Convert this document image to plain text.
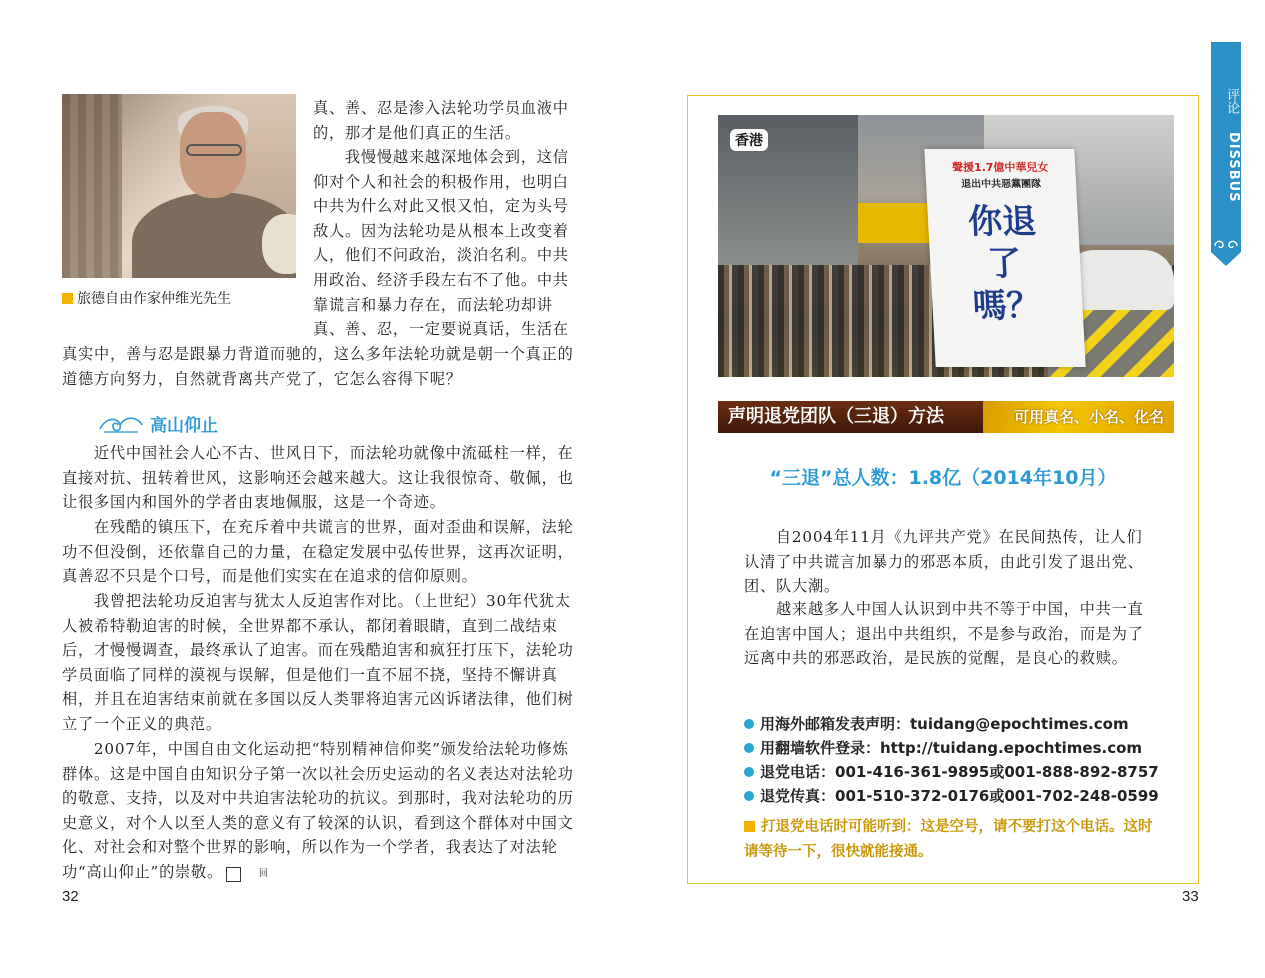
旅德自由作家仲维光先生

真、善、忍是渗入法轮功学员血液中的，那才是他们真正的生活。

我慢慢越来越深地体会到，这信仰对个人和社会的积极作用，也明白中共为什么对此又恨又怕，定为头号敌人。因为法轮功是从根本上改变着人，他们不问政治，淡泊名利。中共用政治、经济手段左右不了他。中共靠谎言和暴力存在，而法轮功却讲真、善、忍，一定要说真话，生活在

真实中，善与忍是跟暴力背道而驰的，这么多年法轮功就是朝一个真正的道德方向努力，自然就背离共产党了，它怎么容得下呢？

高山仰止

近代中国社会人心不古、世风日下，而法轮功就像中流砥柱一样，在直接对抗、扭转着世风，这影响还会越来越大。这让我很惊奇、敬佩，也让很多国内和国外的学者由衷地佩服，这是一个奇迹。

在残酷的镇压下，在充斥着中共谎言的世界，面对歪曲和误解，法轮功不但没倒，还依靠自己的力量，在稳定发展中弘传世界，这再次证明，真善忍不只是个口号，而是他们实实在在追求的信仰原则。

我曾把法轮功反迫害与犹太人反迫害作对比。（上世纪）30年代犹太人被希特勒迫害的时候，全世界都不承认，都闭着眼睛，直到二战结束后，才慢慢调查，最终承认了迫害。而在残酷迫害和疯狂打压下，法轮功学员面临了同样的漠视与误解，但是他们一直不屈不挠，坚持不懈讲真相，并且在迫害结束前就在多国以反人类罪将迫害元凶诉诸法律，他们树立了一个正义的典范。

2007年，中国自由文化运动把“特别精神信仰奖”颁发给法轮功修炼群体。这是中国自由知识分子第一次以社会历史运动的名义表达对法轮功的敬意、支持，以及对中共迫害法轮功的抗议。到那时，我对法轮功的历史意义，对个人以至人类的意义有了较深的认识，看到这个群体对中国文化、对社会和对整个世界的影响，所以作为一个学者，我表达了对法轮功“高山仰止”的崇敬。	回

32
香港
聲援1.7億中華兒女
退出中共惡黨團隊
你退了嗎？
声明退党团队（三退）方法	可用真名、小名、化名
“三退”总人数：1.8亿（2014年10月）

自2004年11月《九评共产党》在民间热传，让人们认清了中共谎言加暴力的邪恶本质，由此引发了退出党、团、队大潮。

越来越多人中国人认识到中共不等于中国，中共一直在迫害中国人；退出中共组织，不是参与政治，而是为了远离中共的邪恶政治，是民族的觉醒，是良心的救赎。

用海外邮箱发表声明：tuidang@epochtimes.com
用翻墙软件登录：http://tuidang.epochtimes.com
退党电话：001-416-361-9895或001-888-892-8757
退党传真：001-510-372-0176或001-702-248-0599

打退党电话时可能听到：这是空号，请不要打这个电话。这时请等待一下，很快就能接通。

评论
DISSBUS
33
